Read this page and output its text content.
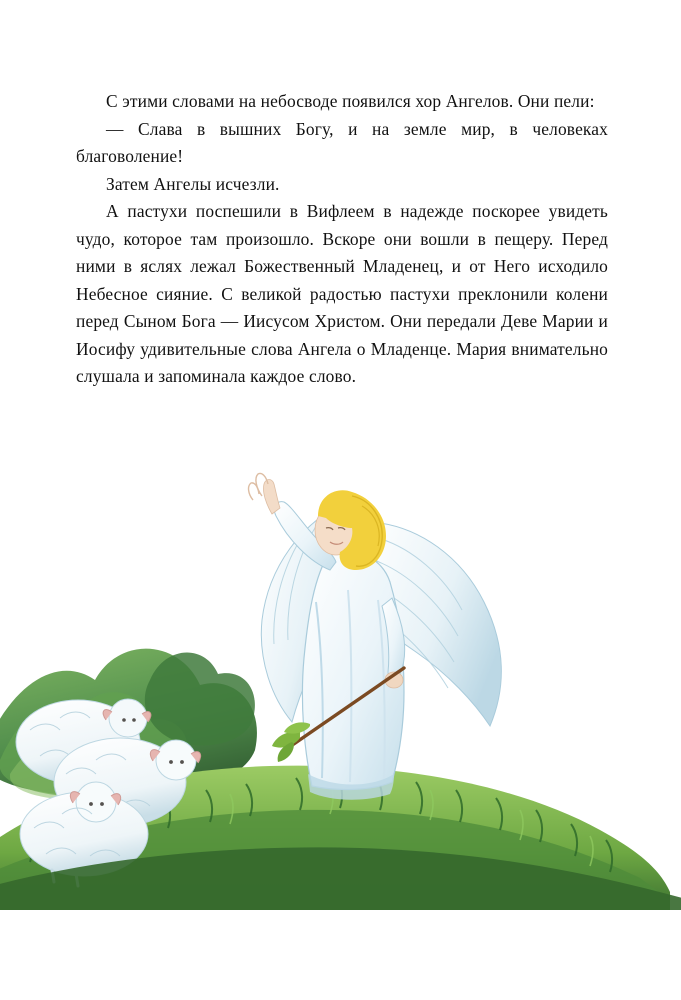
С этими словами на небосводе появился хор Ангелов. Они пели:

— Слава в вышних Богу, и на земле мир, в человеках благоволение!

Затем Ангелы исчезли.

А пастухи поспешили в Вифлеем в надежде поскорее увидеть чудо, которое там произошло. Вскоре они вошли в пещеру. Перед ними в яслях лежал Божественный Младенец, и от Него исходило Небесное сияние. С великой радостью пастухи преклонили колени перед Сыном Бога — Иисусом Христом. Они передали Деве Марии и Иосифу удивительные слова Ангела о Младенце. Мария внимательно слушала и запоминала каждое слово.
